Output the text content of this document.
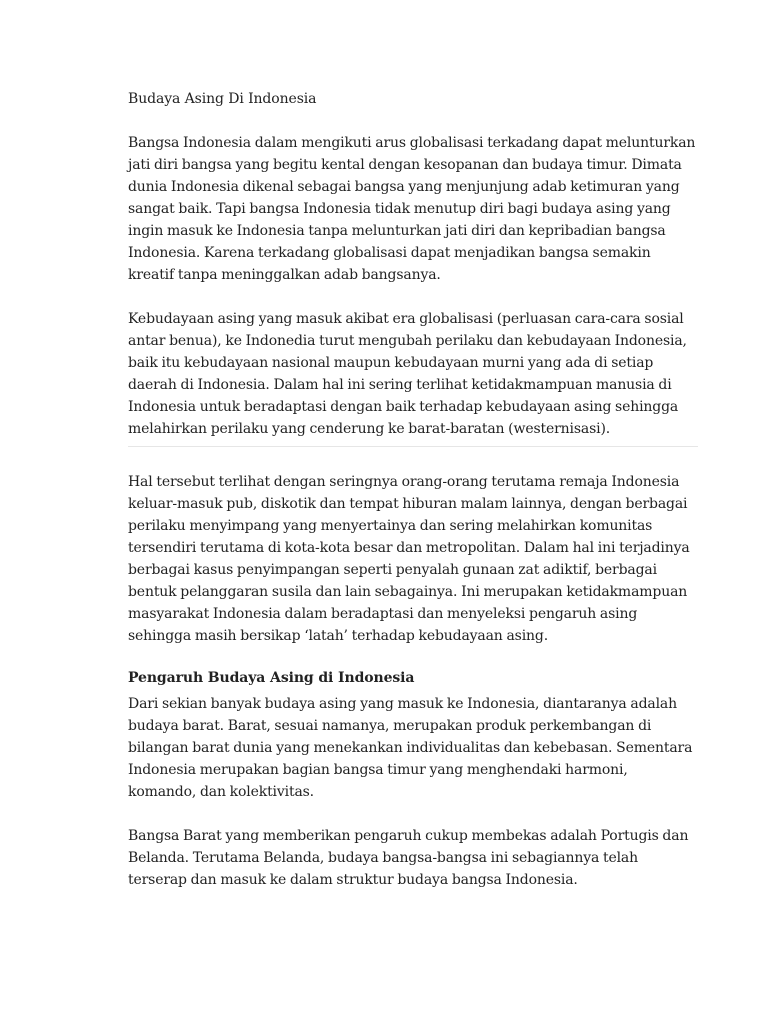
Budaya Asing Di Indonesia

Bangsa Indonesia dalam mengikuti arus globalisasi terkadang dapat melunturkan jati diri bangsa yang begitu kental dengan kesopanan dan budaya timur. Dimata dunia Indonesia dikenal sebagai bangsa yang menjunjung adab ketimuran yang sangat baik. Tapi bangsa Indonesia tidak menutup diri bagi budaya asing yang ingin masuk ke Indonesia tanpa melunturkan jati diri dan kepribadian bangsa Indonesia. Karena terkadang globalisasi dapat menjadikan bangsa semakin kreatif tanpa meninggalkan adab bangsanya.

Kebudayaan asing yang masuk akibat era globalisasi (perluasan cara-cara sosial antar benua), ke Indonedia turut mengubah perilaku dan kebudayaan Indonesia, baik itu kebudayaan nasional maupun kebudayaan murni yang ada di setiap daerah di Indonesia. Dalam hal ini sering terlihat ketidakmampuan manusia di Indonesia untuk beradaptasi dengan baik terhadap kebudayaan asing sehingga melahirkan perilaku yang cenderung ke barat-baratan (westernisasi).

Hal tersebut terlihat dengan seringnya orang-orang terutama remaja Indonesia keluar-masuk pub, diskotik dan tempat hiburan malam lainnya, dengan berbagai perilaku menyimpang yang menyertainya dan sering melahirkan komunitas tersendiri terutama di kota-kota besar dan metropolitan. Dalam hal ini terjadinya berbagai kasus penyimpangan seperti penyalah gunaan zat adiktif, berbagai bentuk pelanggaran susila dan lain sebagainya. Ini merupakan ketidakmampuan masyarakat Indonesia dalam beradaptasi dan menyeleksi pengaruh asing sehingga masih bersikap ‘latah’ terhadap kebudayaan asing.

Pengaruh Budaya Asing di Indonesia

Dari sekian banyak budaya asing yang masuk ke Indonesia, diantaranya adalah budaya barat. Barat, sesuai namanya, merupakan produk perkembangan di bilangan barat dunia yang menekankan individualitas dan kebebasan. Sementara Indonesia merupakan bagian bangsa timur yang menghendaki harmoni, komando, dan kolektivitas.

Bangsa Barat yang memberikan pengaruh cukup membekas adalah Portugis dan Belanda. Terutama Belanda, budaya bangsa-bangsa ini sebagiannya telah terserap dan masuk ke dalam struktur budaya bangsa Indonesia.
